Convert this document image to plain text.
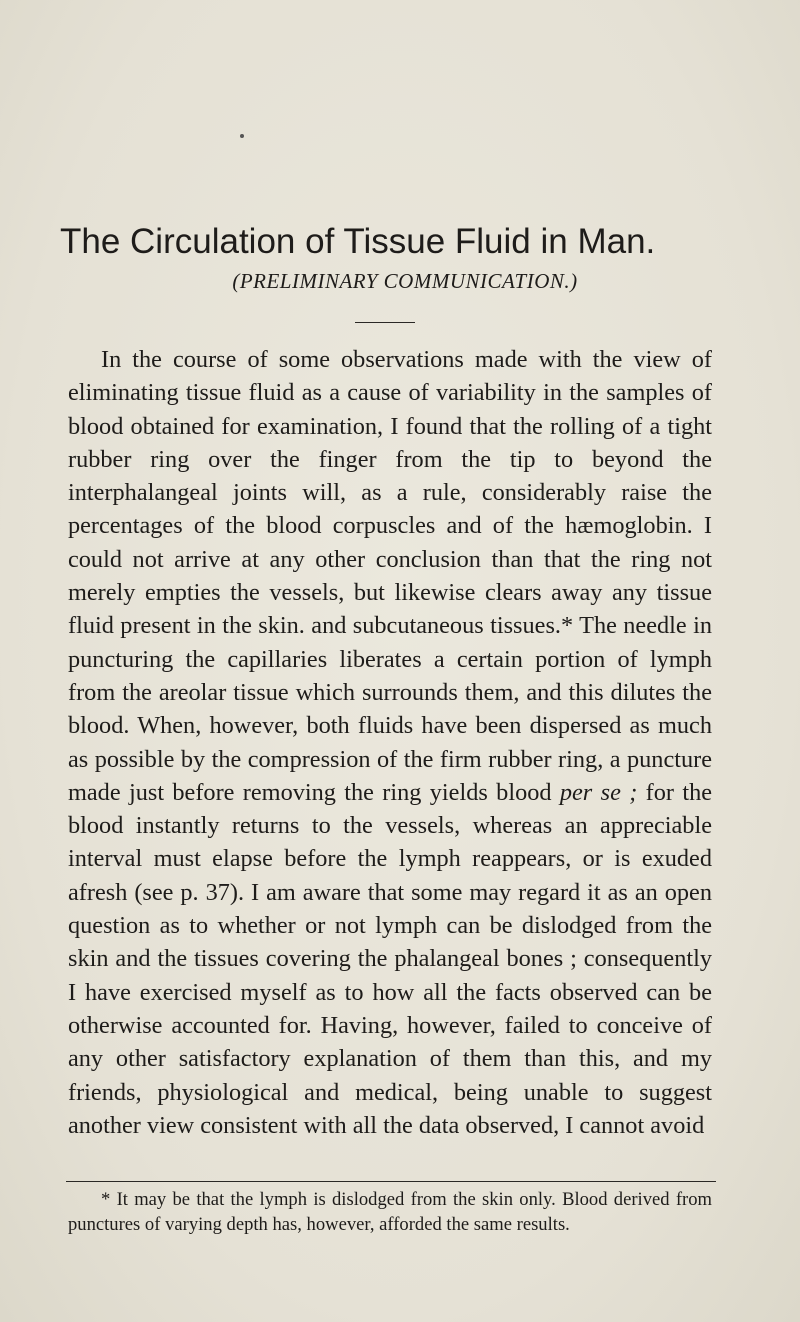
The Circulation of Tissue Fluid in Man.
(PRELIMINARY COMMUNICATION.)

In the course of some observations made with the view of eliminating tissue fluid as a cause of variability in the samples of blood obtained for examination, I found that the rolling of a tight rubber ring over the finger from the tip to beyond the interphalangeal joints will, as a rule, considerably raise the percentages of the blood corpuscles and of the hæmoglobin. I could not arrive at any other conclusion than that the ring not merely empties the vessels, but likewise clears away any tissue fluid present in the skin. and subcutaneous tissues.* The needle in puncturing the capillaries liberates a certain portion of lymph from the areolar tissue which surrounds them, and this dilutes the blood. When, however, both fluids have been dispersed as much as possible by the compression of the firm rubber ring, a puncture made just before removing the ring yields blood per se ; for the blood instantly returns to the vessels, whereas an appreciable interval must elapse before the lymph reappears, or is exuded afresh (see p. 37). I am aware that some may regard it as an open question as to whether or not lymph can be dislodged from the skin and the tissues covering the phalangeal bones ; consequently I have exercised myself as to how all the facts observed can be otherwise accounted for. Having, however, failed to conceive of any other satisfactory explanation of them than this, and my friends, physiological and medical, being unable to suggest another view consistent with all the data observed, I cannot avoid

* It may be that the lymph is dislodged from the skin only. Blood derived from punctures of varying depth has, however, afforded the same results.
